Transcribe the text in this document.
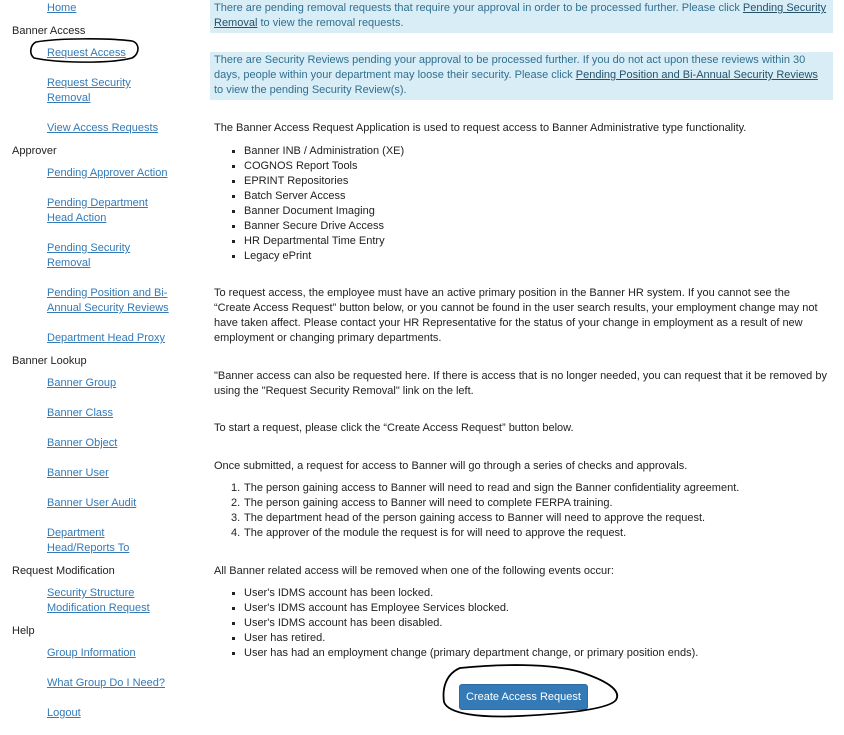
Home
Banner Access
Request Access
Request Security
Removal
View Access Requests
Approver
Pending Approver Action
Pending Department
Head Action
Pending Security
Removal
Pending Position and Bi-
Annual Security Reviews
Department Head Proxy
Banner Lookup
Banner Group
Banner Class
Banner Object
Banner User
Banner User Audit
Department
Head/Reports To
Request Modification
Security Structure
Modification Request
Help
Group Information
What Group Do I Need?
Logout
There are pending removal requests that require your approval in order to be processed further. Please click Pending Security Removal to view the removal requests.
There are Security Reviews pending your approval to be processed further. If you do not act upon these reviews within 30 days, people within your department may loose their security. Please click Pending Position and Bi-Annual Security Reviews to view the pending Security Review(s).

The Banner Access Request Application is used to request access to Banner Administrative type functionality.

Banner INB / Administration (XE)
COGNOS Report Tools
EPRINT Repositories
Batch Server Access
Banner Document Imaging
Banner Secure Drive Access
HR Departmental Time Entry
Legacy ePrint

To request access, the employee must have an active primary position in the Banner HR system. If you cannot see the “Create Access Request” button below, or you cannot be found in the user search results, your employment change may not have taken affect. Please contact your HR Representative for the status of your change in employment as a result of new employment or changing primary departments.

"Banner access can also be requested here. If there is access that is no longer needed, you can request that it be removed by using the "Request Security Removal" link on the left.

To start a request, please click the “Create Access Request” button below.

Once submitted, a request for access to Banner will go through a series of checks and approvals.

1. The person gaining access to Banner will need to read and sign the Banner confidentiality agreement.
2. The person gaining access to Banner will need to complete FERPA training.
3. The department head of the person gaining access to Banner will need to approve the request.
4. The approver of the module the request is for will need to approve the request.

All Banner related access will be removed when one of the following events occur:

User's IDMS account has been locked.
User's IDMS account has Employee Services blocked.
User's IDMS account has been disabled.
User has retired.
User has had an employment change (primary department change, or primary position ends).
Create Access Request
